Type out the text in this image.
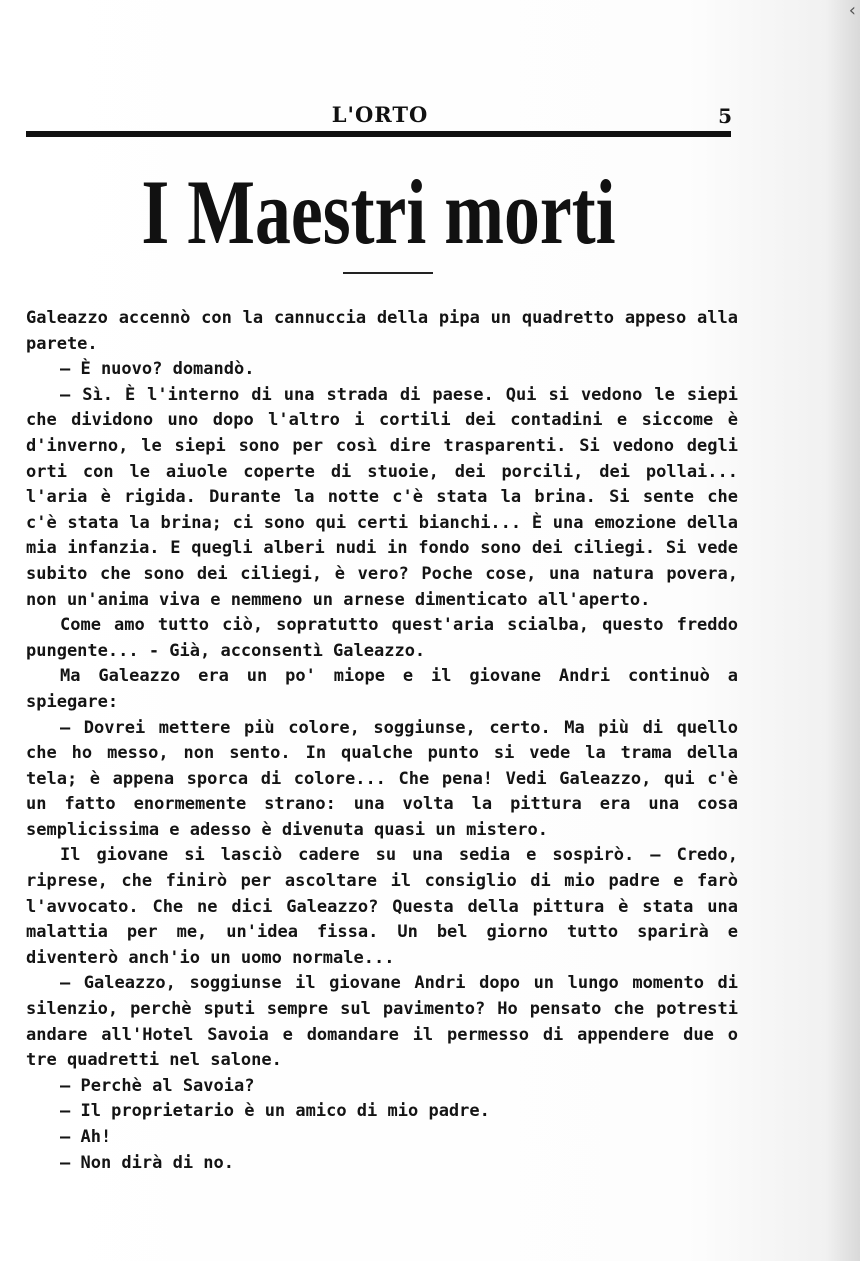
‹
L'ORTO	5
I Maestri morti

Galeazzo accennò con la cannuccia della pipa un quadretto appeso alla parete.

— È nuovo? domandò.

— Sì. È l'interno di una strada di paese. Qui si vedono le siepi che dividono uno dopo l'altro i cortili dei contadini e siccome è d'inverno, le siepi sono per così dire trasparenti. Si vedono degli orti con le aiuole coperte di stuoie, dei porcili, dei pollai... l'aria è rigida. Durante la notte c'è stata la brina. Si sente che c'è stata la brina; ci sono qui certi bianchi... È una emozione della mia infanzia. E quegli alberi nudi in fondo sono dei ciliegi. Si vede subito che sono dei ciliegi, è vero? Poche cose, una natura povera, non un'anima viva e nemmeno un arnese dimenticato all'aperto.

Come amo tutto ciò, sopratutto quest'aria scialba, questo freddo pungente... - Già, acconsentì Galeazzo.

Ma Galeazzo era un po' miope e il giovane Andri continuò a spiegare:

— Dovrei mettere più colore, soggiunse, certo. Ma più di quello che ho messo, non sento. In qualche punto si vede la trama della tela; è appena sporca di colore... Che pena! Vedi Galeazzo, qui c'è un fatto enormemente strano: una volta la pittura era una cosa semplicissima e adesso è divenuta quasi un mistero.

Il giovane si lasciò cadere su una sedia e sospirò. — Credo, riprese, che finirò per ascoltare il consiglio di mio padre e farò l'avvocato. Che ne dici Galeazzo? Questa della pittura è stata una malattia per me, un'idea fissa. Un bel giorno tutto sparirà e diventerò anch'io un uomo normale...

— Galeazzo, soggiunse il giovane Andri dopo un lungo momento di silenzio, perchè sputi sempre sul pavimento? Ho pensato che potresti andare all'Hotel Savoia e domandare il permesso di appendere due o tre quadretti nel salone.

— Perchè al Savoia?

— Il proprietario è un amico di mio padre.

— Ah!

— Non dirà di no.
